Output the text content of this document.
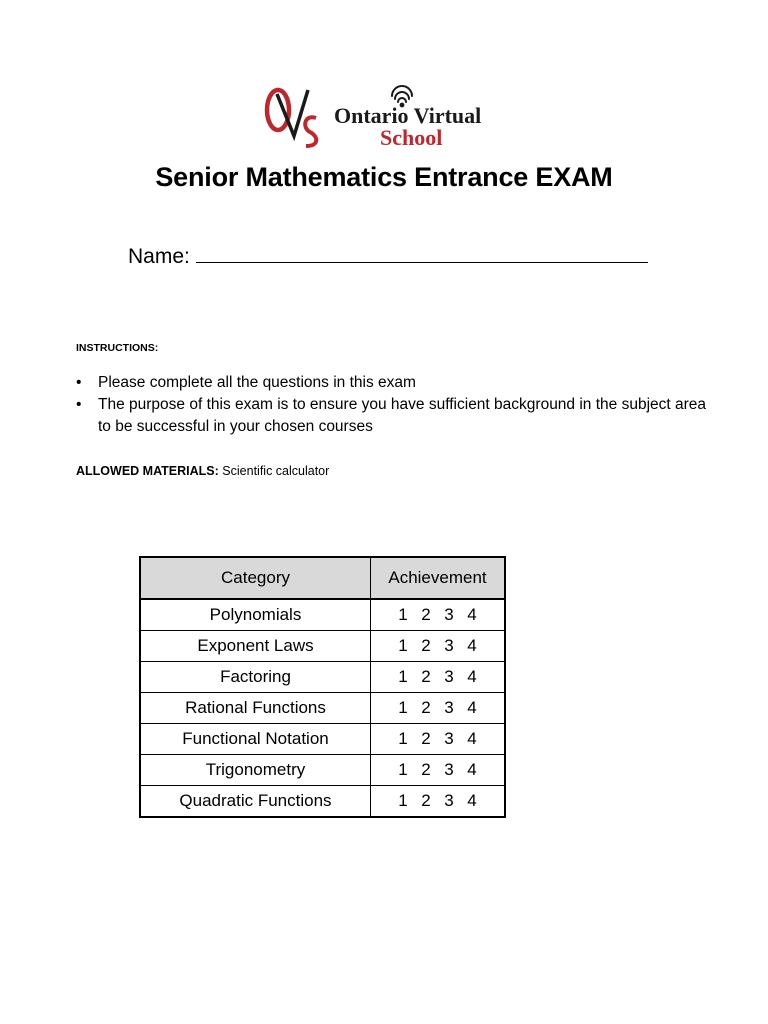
Ontario Virtual
School
Senior Mathematics Entrance EXAM
Name:
INSTRUCTIONS:
• Please complete all the questions in this exam
• The purpose of this exam is to ensure you have sufficient background in the subject area to be successful in your chosen courses
ALLOWED MATERIALS: Scientific calculator
Category	Achievement
Polynomials	1 2 3 4
Exponent Laws	1 2 3 4
Factoring	1 2 3 4
Rational Functions	1 2 3 4
Functional Notation	1 2 3 4
Trigonometry	1 2 3 4
Quadratic Functions	1 2 3 4
